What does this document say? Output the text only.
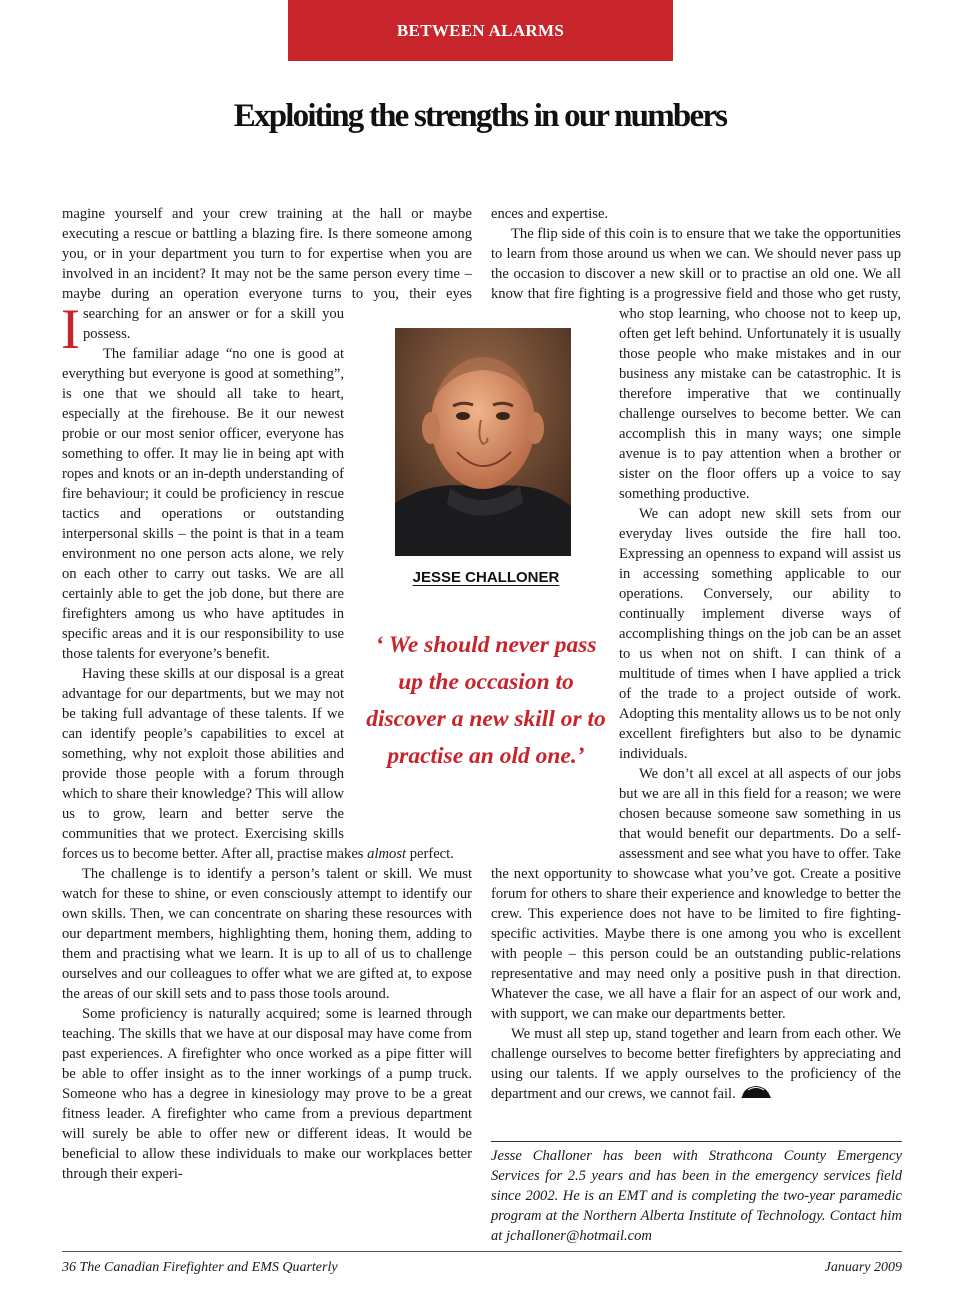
BETWEEN ALARMS
Exploiting the strengths in our numbers

I
magine yourself and your crew training at the hall or maybe executing a rescue or battling a blazing fire. Is there someone among you, or in your department you turn to for expertise when you are involved in an incident? It may not be the same person every time – maybe during an operation everyone turns to you, their eyes searching for an answer or for a skill you possess.

The familiar adage “no one is good at everything but everyone is good at something”, is one that we should all take to heart, especially at the firehouse. Be it our newest probie or our most senior officer, everyone has something to offer. It may lie in being apt with ropes and knots or an in-depth understanding of fire behaviour; it could be proficiency in rescue tactics and operations or outstanding interpersonal skills – the point is that in a team environment no one person acts alone, we rely on each other to carry out tasks. We are all certainly able to get the job done, but there are firefighters among us who have aptitudes in specific areas and it is our responsibility to use those talents for everyone’s benefit.

Having these skills at our disposal is a great advantage for our departments, but we may not be taking full advantage of these talents. If we can identify people’s capabilities to excel at something, why not exploit those abilities and provide those people with a forum through which to share their knowledge? This will allow us to grow, learn and better serve the communities that we protect. Exercising skills forces us to become better. After all, practise makes almost perfect.

The challenge is to identify a person’s talent or skill. We must watch for these to shine, or even consciously attempt to identify our own skills. Then, we can concentrate on sharing these resources with our department members, highlighting them, honing them, adding to them and practising what we learn. It is up to all of us to challenge ourselves and our colleagues to offer what we are gifted at, to expose the areas of our skill sets and to pass those tools around.

Some proficiency is naturally acquired; some is learned through teaching. The skills that we have at our disposal may have come from past experiences. A firefighter who once worked as a pipe fitter will be able to offer insight as to the inner workings of a pump truck. Someone who has a degree in kinesiology may prove to be a great fitness leader. A firefighter who came from a previous department will surely be able to offer new or different ideas. It would be beneficial to allow these individuals to make our workplaces better through their experi-

ences and expertise.

The flip side of this coin is to ensure that we take the opportunities to learn from those around us when we can. We should never pass up the occasion to discover a new skill or to practise an old one. We all know that fire fighting is a progressive field and those who get rusty, who stop learning, who choose not to keep up, often get left behind. Unfortunately it is usually those people who make mistakes and in our business any mistake can be catastrophic. It is therefore imperative that we continually challenge ourselves to become better. We can accomplish this in many ways; one simple avenue is to pay attention when a brother or sister on the floor offers up a voice to say something productive.

We can adopt new skill sets from our everyday lives outside the fire hall too. Expressing an openness to expand will assist us in accessing something applicable to our operations. Conversely, our ability to continually implement diverse ways of accomplishing things on the job can be an asset to us when not on shift. I can think of a multitude of times when I have applied a trick of the trade to a project outside of work. Adopting this mentality allows us to be not only excellent firefighters but also to be dynamic individuals.

We don’t all excel at all aspects of our jobs but we are all in this field for a reason; we were chosen because someone saw something in us that would benefit our departments. Do a self-assessment and see what you have to offer. Take the next opportunity to showcase what you’ve got. Create a positive forum for others to share their experience and knowledge to better the crew. This experience does not have to be limited to fire fighting-specific activities. Maybe there is one among you who is excellent with people – this person could be an outstanding public-relations representative and may need only a positive push in that direction. Whatever the case, we all have a flair for an aspect of our work and, with support, we can make our departments better.

We must all step up, stand together and learn from each other. We challenge ourselves to become better firefighters by appreciating and using our talents. If we apply ourselves to the proficiency of the department and our crews, we cannot fail.

JESSE CHALLONER
‘ We should never pass up the occasion to discover a new skill or to practise an old one.’
Jesse Challoner has been with Strathcona County Emergency Services for 2.5 years and has been in the emergency services field since 2002. He is an EMT and is completing the two-year paramedic program at the Northern Alberta Institute of Technology. Contact him at jchalloner@hotmail.com
36 The Canadian Firefighter and EMS Quarterly	January 2009
